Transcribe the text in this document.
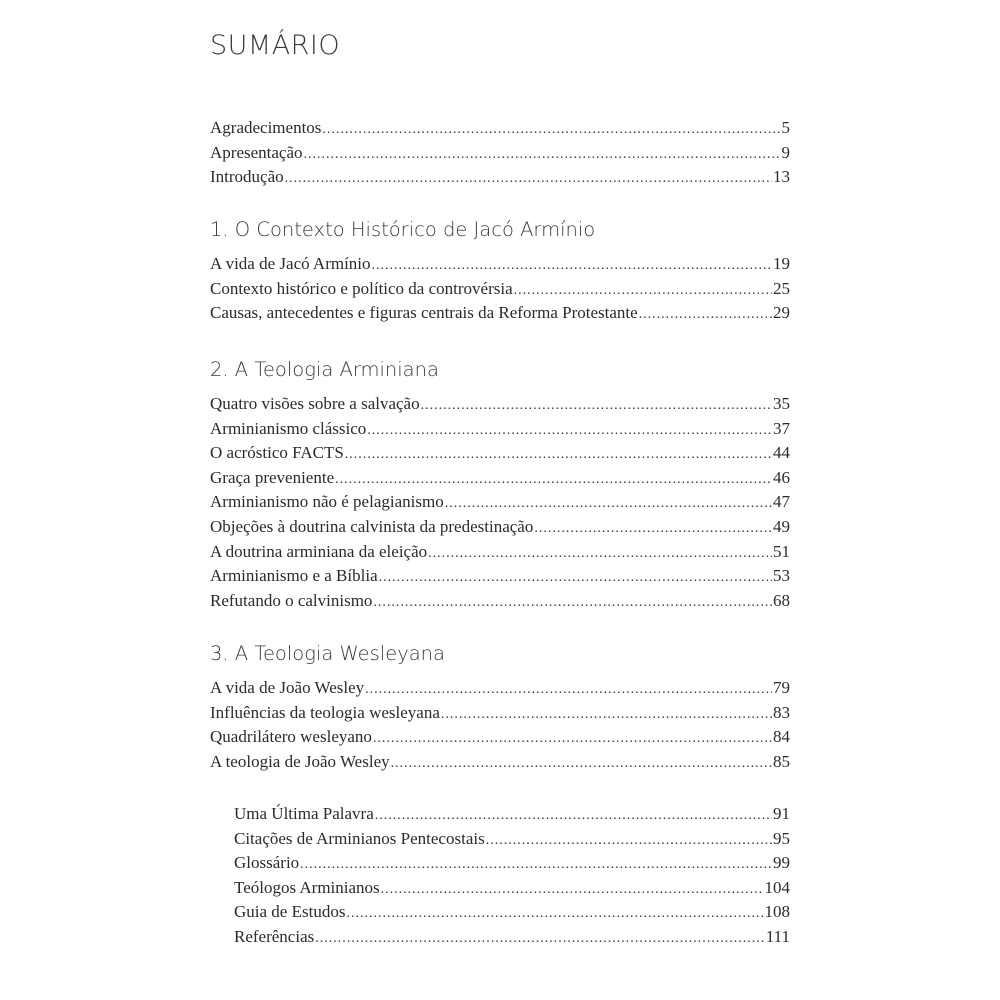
SUMÁRIO
Agradecimentos .....	5
Apresentação .....	9
Introdução .....	13
1. O Contexto Histórico de Jacó Armínio
A vida de Jacó Armínio .....	19
Contexto histórico e político da controvérsia .....	25
Causas, antecedentes e figuras centrais da Reforma Protestante .....	29
2. A Teologia Arminiana
Quatro visões sobre a salvação .....	35
Arminianismo clássico .....	37
O acróstico FACTS .....	44
Graça preveniente .....	46
Arminianismo não é pelagianismo .....	47
Objeções à doutrina calvinista da predestinação .....	49
A doutrina arminiana da eleição .....	51
Arminianismo e a Bíblia .....	53
Refutando o calvinismo .....	68
3. A Teologia Wesleyana
A vida de João Wesley .....	79
Influências da teologia wesleyana .....	83
Quadrilátero wesleyano .....	84
A teologia de João Wesley .....	85
Uma Última Palavra .....	91
Citações de Arminianos Pentecostais .....	95
Glossário .....	99
Teólogos Arminianos .....	104
Guia de Estudos .....	108
Referências .....	111
